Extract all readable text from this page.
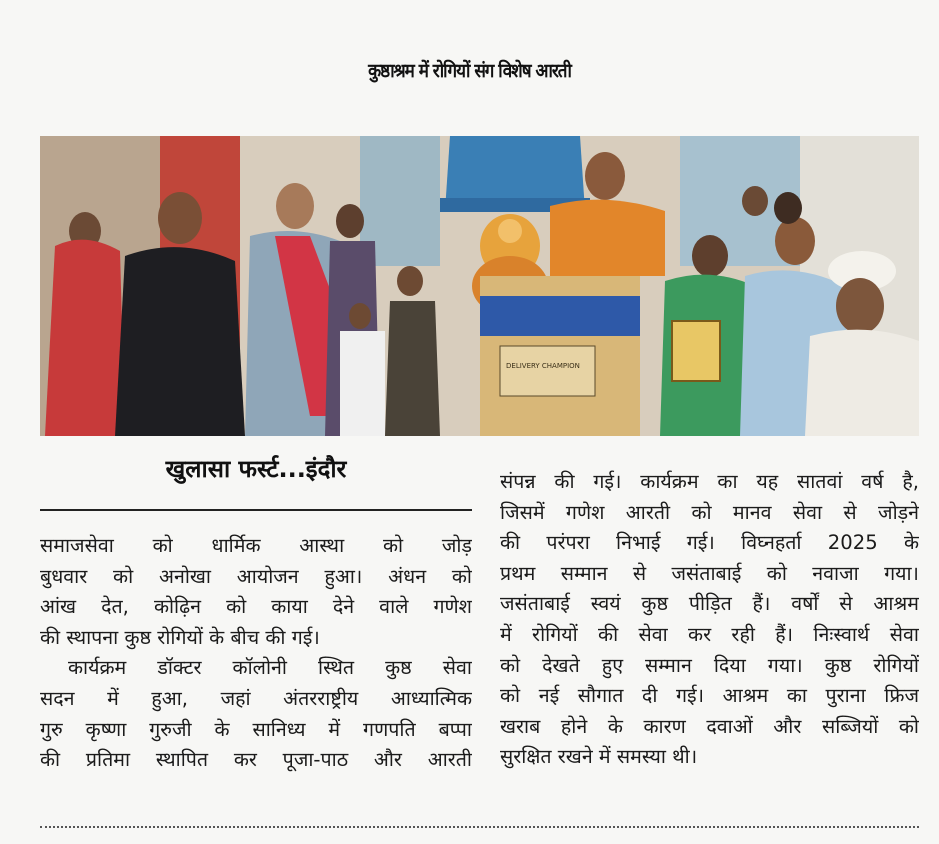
˙ ˙ ˙ ˙ ˙ ˙ ˙ ˙ ˙
कुष्ठाश्रम में रोगियों संग विशेष आरती
DELIVERY CHAMPION
खुलासा फर्स्ट...इंदौर
समाजसेवा को धार्मिक आस्था को जोड़
बुधवार को अनोखा आयोजन हुआ। अंधन को
आंख देत, कोढ़िन को काया देने वाले गणेश
की स्थापना कुष्ठ रोगियों के बीच की गई।
कार्यक्रम डॉक्टर कॉलोनी स्थित कुष्ठ सेवा
सदन में हुआ, जहां अंतरराष्ट्रीय आध्यात्मिक
गुरु कृष्णा गुरुजी के सानिध्य में गणपति बप्पा
की प्रतिमा स्थापित कर पूजा-पाठ और आरती
संपन्न की गई। कार्यक्रम का यह सातवां वर्ष है,
जिसमें गणेश आरती को मानव सेवा से जोड़ने
की परंपरा निभाई गई। विघ्नहर्ता 2025 के
प्रथम सम्मान से जसंताबाई को नवाजा गया।
जसंताबाई स्वयं कुष्ठ पीड़ित हैं। वर्षों से आश्रम
में रोगियों की सेवा कर रही हैं। निःस्वार्थ सेवा
को देखते हुए सम्मान दिया गया। कुष्ठ रोगियों
को नई सौगात दी गई। आश्रम का पुराना फ्रिज
खराब होने के कारण दवाओं और सब्जियों को
सुरक्षित रखने में समस्या थी।
